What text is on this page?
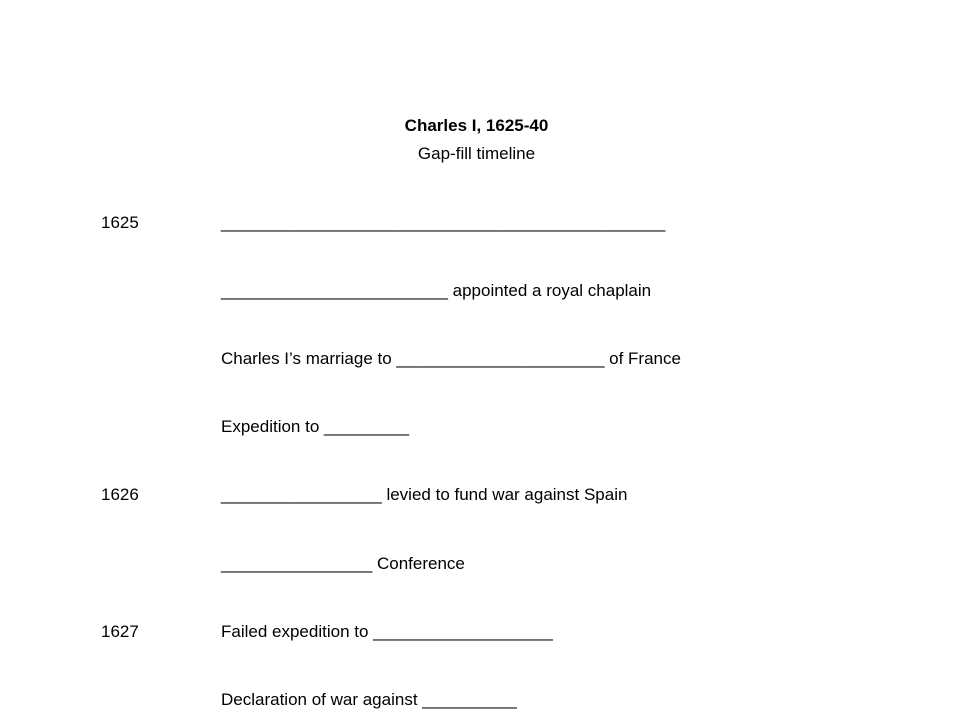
Charles I, 1625-40
Gap-fill timeline
1625	_______________________________________________
________________________ appointed a royal chaplain
Charles I’s marriage to ______________________ of France
Expedition to _________
1626	_________________ levied to fund war against Spain
________________ Conference
1627	Failed expedition to ___________________
Declaration of war against __________
